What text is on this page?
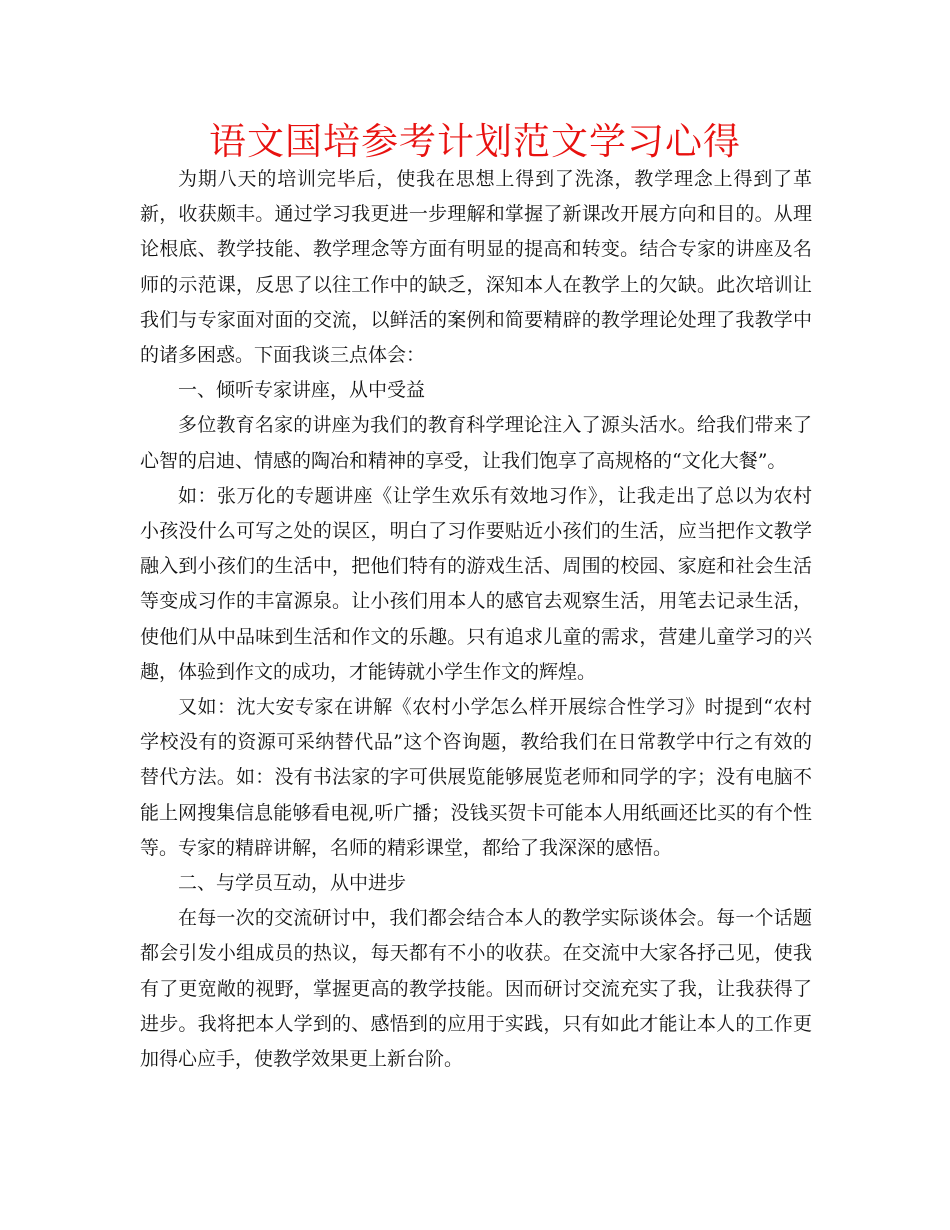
语文国培参考计划范文学习心得

为期八天的培训完毕后，使我在思想上得到了洗涤，教学理念上得到了革新，收获颇丰。通过学习我更进一步理解和掌握了新课改开展方向和目的。从理论根底、教学技能、教学理念等方面有明显的提高和转变。结合专家的讲座及名师的示范课，反思了以往工作中的缺乏，深知本人在教学上的欠缺。此次培训让我们与专家面对面的交流，以鲜活的案例和简要精辟的教学理论处理了我教学中的诸多困惑。下面我谈三点体会：

一、倾听专家讲座，从中受益

多位教育名家的讲座为我们的教育科学理论注入了源头活水。给我们带来了心智的启迪、情感的陶冶和精神的享受，让我们饱享了高规格的“文化大餐”。

如：张万化的专题讲座《让学生欢乐有效地习作》，让我走出了总以为农村小孩没什么可写之处的误区，明白了习作要贴近小孩们的生活，应当把作文教学融入到小孩们的生活中，把他们特有的游戏生活、周围的校园、家庭和社会生活等变成习作的丰富源泉。让小孩们用本人的感官去观察生活，用笔去记录生活，使他们从中品味到生活和作文的乐趣。只有追求儿童的需求，营建儿童学习的兴趣，体验到作文的成功，才能铸就小学生作文的辉煌。

又如：沈大安专家在讲解《农村小学怎么样开展综合性学习》时提到“农村学校没有的资源可采纳替代品”这个咨询题，教给我们在日常教学中行之有效的替代方法。如：没有书法家的字可供展览能够展览老师和同学的字；没有电脑不能上网搜集信息能够看电视,听广播；没钱买贺卡可能本人用纸画还比买的有个性等。专家的精辟讲解，名师的精彩课堂，都给了我深深的感悟。

二、与学员互动，从中进步

在每一次的交流研讨中，我们都会结合本人的教学实际谈体会。每一个话题都会引发小组成员的热议，每天都有不小的收获。在交流中大家各抒己见，使我有了更宽敞的视野，掌握更高的教学技能。因而研讨交流充实了我，让我获得了进步。我将把本人学到的、感悟到的应用于实践，只有如此才能让本人的工作更加得心应手，使教学效果更上新台阶。
